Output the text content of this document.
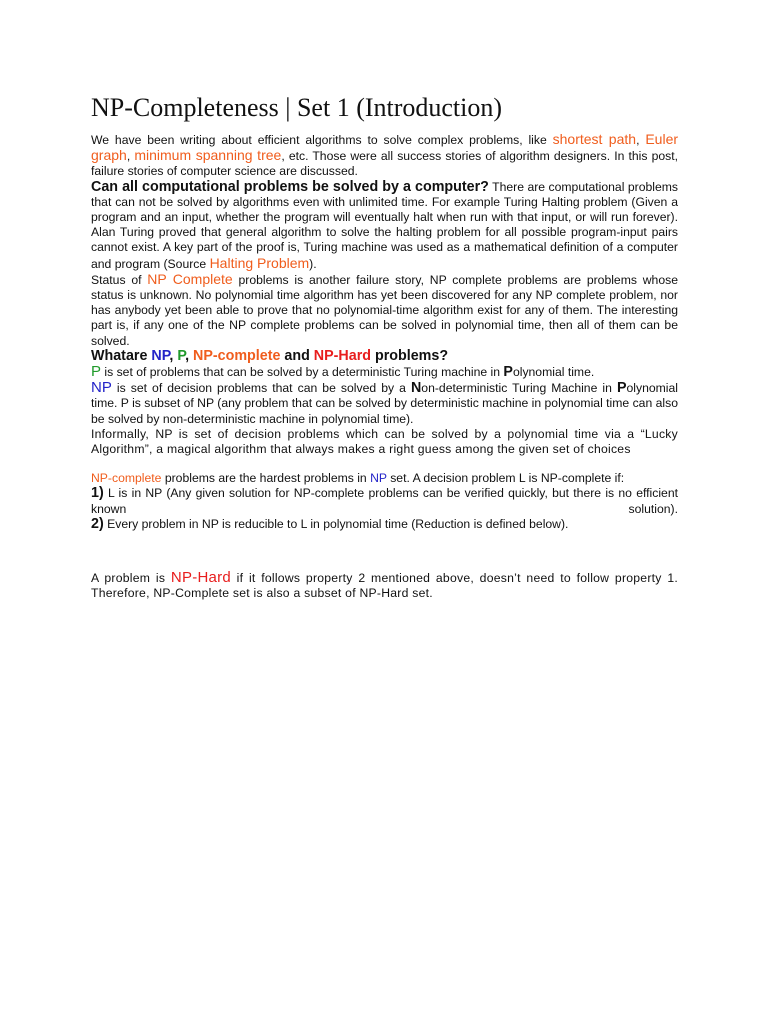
NP-Completeness | Set 1 (Introduction)

We have been writing about efficient algorithms to solve complex problems, like shortest path, Euler graph, minimum spanning tree, etc. Those were all success stories of algorithm designers. In this post, failure stories of computer science are discussed.

Can all computational problems be solved by a computer? There are computational problems that can not be solved by algorithms even with unlimited time. For example Turing Halting problem (Given a program and an input, whether the program will eventually halt when run with that input, or will run forever). Alan Turing proved that general algorithm to solve the halting problem for all possible program-input pairs cannot exist. A key part of the proof is, Turing machine was used as a mathematical definition of a computer and program (Source Halting Problem).

Status of NP Complete problems is another failure story, NP complete problems are problems whose status is unknown. No polynomial time algorithm has yet been discovered for any NP complete problem, nor has anybody yet been able to prove that no polynomial-time algorithm exist for any of them. The interesting part is, if any one of the NP complete problems can be solved in polynomial time, then all of them can be solved.

Whatare NP, P, NP-complete and NP-Hard problems?

P is set of problems that can be solved by a deterministic Turing machine in Polynomial time.

NP is set of decision problems that can be solved by a Non-deterministic Turing Machine in Polynomial time. P is subset of NP (any problem that can be solved by deterministic machine in polynomial time can also be solved by non-deterministic machine in polynomial time).

Informally, NP is set of decision problems which can be solved by a polynomial time via a “Lucky Algorithm”, a magical algorithm that always makes a right guess among the given set of choices

NP-complete problems are the hardest problems in NP set. A decision problem L is NP-complete if:

1) L is in NP (Any given solution for NP-complete problems can be verified quickly, but there is no efficient known solution).

2) Every problem in NP is reducible to L in polynomial time (Reduction is defined below).

A problem is NP-Hard if it follows property 2 mentioned above, doesn’t need to follow property 1. Therefore, NP-Complete set is also a subset of NP-Hard set.
